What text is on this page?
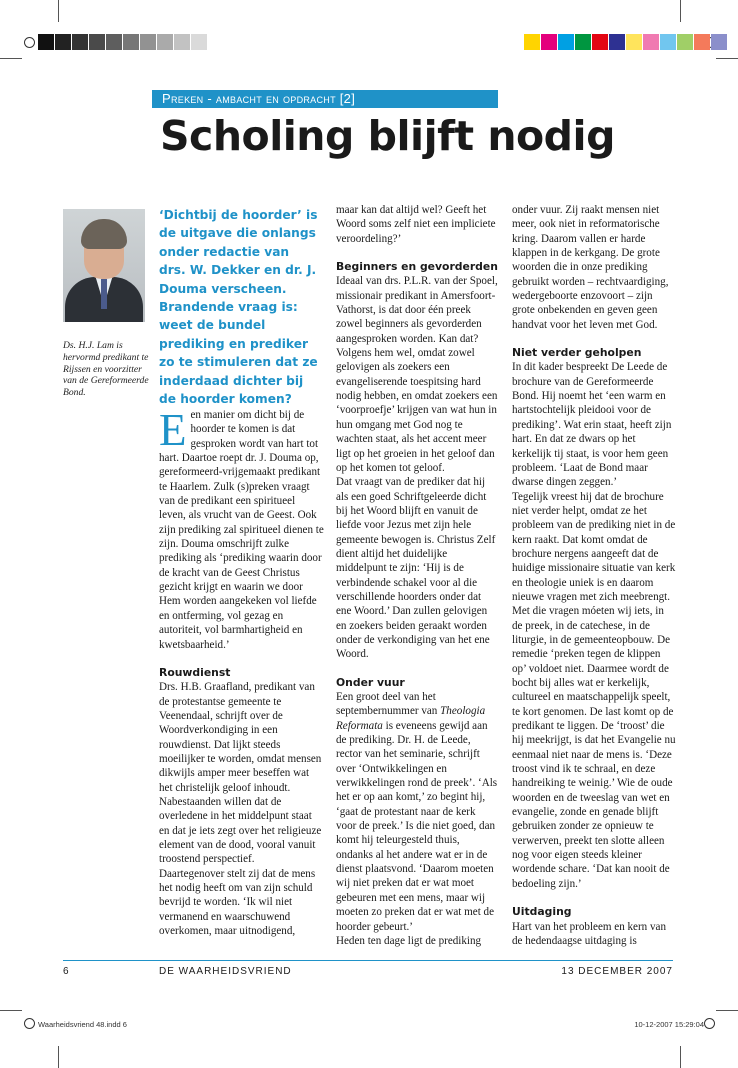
Preken - ambacht en opdracht [2]
Scholing blijft nodig
Ds. H.J. Lam is hervormd predikant te Rijssen en voorzitter van de Gereformeerde Bond.
‘Dichtbij de hoorder’ is de uitgave die onlangs onder redactie van drs. W. Dekker en dr. J. Douma verscheen. Brandende vraag is: weet de bundel prediking en prediker zo te stimuleren dat ze inderdaad dichter bij de hoorder komen?

Een manier om dicht bij de hoorder te komen is dat gesproken wordt van hart tot hart. Daartoe roept dr. J. Douma op, gereformeerd-vrijgemaakt predikant te Haarlem. Zulk (s)preken vraagt van de predikant een spiritueel leven, als vrucht van de Geest. Ook zijn prediking zal spiritueel dienen te zijn. Douma omschrijft zulke prediking als ‘prediking waarin door de kracht van de Geest Christus gezicht krijgt en waarin we door Hem worden aangekeken vol liefde en ontferming, vol gezag en autoriteit, vol barmhartigheid en kwetsbaarheid.’

Rouwdienst

Drs. H.B. Graafland, predikant van de protestantse gemeente te Veenendaal, schrijft over de Woordverkondiging in een rouwdienst. Dat lijkt steeds moeilijker te worden, omdat mensen dikwijls amper meer beseffen wat het christelijk geloof inhoudt.

Nabestaanden willen dat de overledene in het middelpunt staat en dat je iets zegt over het religieuze element van de dood, vooral vanuit troostend perspectief.

Daartegenover stelt zij dat de mens het nodig heeft om van zijn schuld bevrijd te worden. ‘Ik wil niet vermanend en waarschuwend overkomen, maar uitnodigend,

maar kan dat altijd wel? Geeft het Woord soms zelf niet een impliciete veroordeling?’

Beginners en gevorderden

Ideaal van drs. P.L.R. van der Spoel, missionair predikant in Amersfoort-Vathorst, is dat door één preek zowel beginners als gevorderden aangesproken worden. Kan dat? Volgens hem wel, omdat zowel gelovigen als zoekers een evangeliserende toespitsing hard nodig hebben, en omdat zoekers een ‘voorproefje’ krijgen van wat hun in hun omgang met God nog te wachten staat, als het accent meer ligt op het groeien in het geloof dan op het komen tot geloof.

Dat vraagt van de prediker dat hij als een goed Schriftgeleerde dicht bij het Woord blijft en vanuit de liefde voor Jezus met zijn hele gemeente bewogen is. Christus Zelf dient altijd het duidelijke middelpunt te zijn: ‘Hij is de verbindende schakel voor al die verschillende hoorders onder dat ene Woord.’ Dan zullen gelovigen en zoekers beiden geraakt worden onder de verkondiging van het ene Woord.

Onder vuur

Een groot deel van het septembernummer van Theologia Reformata is eveneens gewijd aan de prediking. Dr. H. de Leede, rector van het seminarie, schrijft over ‘Ontwikkelingen en verwikkelingen rond de preek’. ‘Als het er op aan komt,’ zo begint hij, ‘gaat de protestant naar de kerk voor de preek.’ Is die niet goed, dan komt hij teleurgesteld thuis, ondanks al het andere wat er in de dienst plaatsvond. ‘Daarom moeten wij niet preken dat er wat moet gebeuren met een mens, maar wij moeten zo preken dat er wat met de hoorder gebeurt.’

Heden ten dage ligt de prediking

onder vuur. Zij raakt mensen niet meer, ook niet in reformatorische kring. Daarom vallen er harde klappen in de kerkgang. De grote woorden die in onze prediking gebruikt worden – rechtvaardiging, wedergeboorte enzovoort – zijn grote onbekenden en geven geen handvat voor het leven met God.

Niet verder geholpen

In dit kader bespreekt De Leede de brochure van de Gereformeerde Bond. Hij noemt het ‘een warm en hartstochtelijk pleidooi voor de prediking’. Wat erin staat, heeft zijn hart. En dat ze dwars op het kerkelijk tij staat, is voor hem geen probleem. ‘Laat de Bond maar dwarse dingen zeggen.’

Tegelijk vreest hij dat de brochure niet verder helpt, omdat ze het probleem van de prediking niet in de kern raakt. Dat komt omdat de brochure nergens aangeeft dat de huidige missionaire situatie van kerk en theologie uniek is en daarom nieuwe vragen met zich meebrengt. Met die vragen móeten wij iets, in de preek, in de catechese, in de liturgie, in de gemeenteopbouw. De remedie ‘preken tegen de klippen op’ voldoet niet. Daarmee wordt de bocht bij alles wat er kerkelijk, cultureel en maatschappelijk speelt, te kort genomen. De last komt op de predikant te liggen. De ‘troost’ die hij meekrijgt, is dat het Evangelie nu eenmaal niet naar de mens is. ‘Deze troost vind ik te schraal, en deze handreiking te weinig.’ Wie de oude woorden en de tweeslag van wet en evangelie, zonde en genade blijft gebruiken zonder ze opnieuw te verwerven, preekt ten slotte alleen nog voor eigen steeds kleiner wordende schare. ‘Dat kan nooit de bedoeling zijn.’

Uitdaging

Hart van het probleem en kern van de hedendaagse uitdaging is

6	DE WAARHEIDSVRIEND	13 DECEMBER 2007
Waarheidsvriend 48.indd 6	10-12-2007 15:29:04
